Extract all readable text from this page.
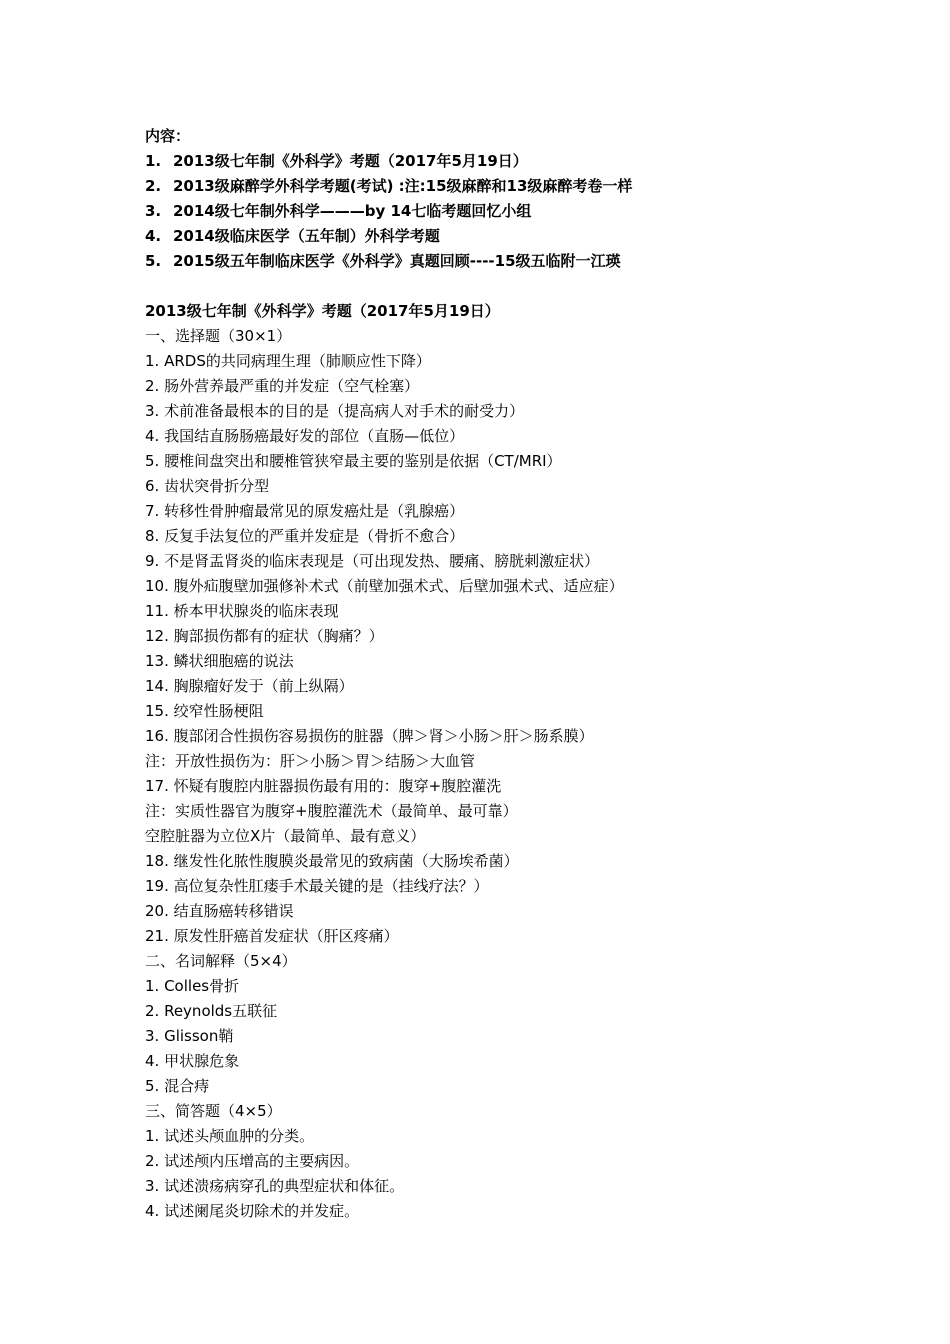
内容：
1. 2013级七年制《外科学》考题（2017年5月19日）
2. 2013级麻醉学外科学考题(考试) :注:15级麻醉和13级麻醉考卷一样
3. 2014级七年制外科学———by 14七临考题回忆小组
4. 2014级临床医学（五年制）外科学考题
5. 2015级五年制临床医学《外科学》真题回顾----15级五临附一江瑛
2013级七年制《外科学》考题（2017年5月19日）
一、选择题（30×1）
1. ARDS的共同病理生理（肺顺应性下降）
2. 肠外营养最严重的并发症（空气栓塞）
3. 术前准备最根本的目的是（提高病人对手术的耐受力）
4. 我国结直肠肠癌最好发的部位（直肠—低位）
5. 腰椎间盘突出和腰椎管狭窄最主要的鉴别是依据（CT/MRI）
6. 齿状突骨折分型
7. 转移性骨肿瘤最常见的原发癌灶是（乳腺癌）
8. 反复手法复位的严重并发症是（骨折不愈合）
9. 不是肾盂肾炎的临床表现是（可出现发热、腰痛、膀胱刺激症状）
10. 腹外疝腹壁加强修补术式（前壁加强术式、后壁加强术式、适应症）
11. 桥本甲状腺炎的临床表现
12. 胸部损伤都有的症状（胸痛？）
13. 鳞状细胞癌的说法
14. 胸腺瘤好发于（前上纵隔）
15. 绞窄性肠梗阻
16. 腹部闭合性损伤容易损伤的脏器（脾＞肾＞小肠＞肝＞肠系膜）
注：开放性损伤为：肝＞小肠＞胃＞结肠＞大血管
17. 怀疑有腹腔内脏器损伤最有用的：腹穿+腹腔灌洗
注：实质性器官为腹穿+腹腔灌洗术（最简单、最可靠）
空腔脏器为立位X片（最简单、最有意义）
18. 继发性化脓性腹膜炎最常见的致病菌（大肠埃希菌）
19. 高位复杂性肛瘘手术最关键的是（挂线疗法？）
20. 结直肠癌转移错误
21. 原发性肝癌首发症状（肝区疼痛）
二、名词解释（5×4）
1. Colles骨折
2. Reynolds五联征
3. Glisson鞘
4. 甲状腺危象
5. 混合痔
三、简答题（4×5）
1. 试述头颅血肿的分类。
2. 试述颅内压增高的主要病因。
3. 试述溃疡病穿孔的典型症状和体征。
4. 试述阑尾炎切除术的并发症。
